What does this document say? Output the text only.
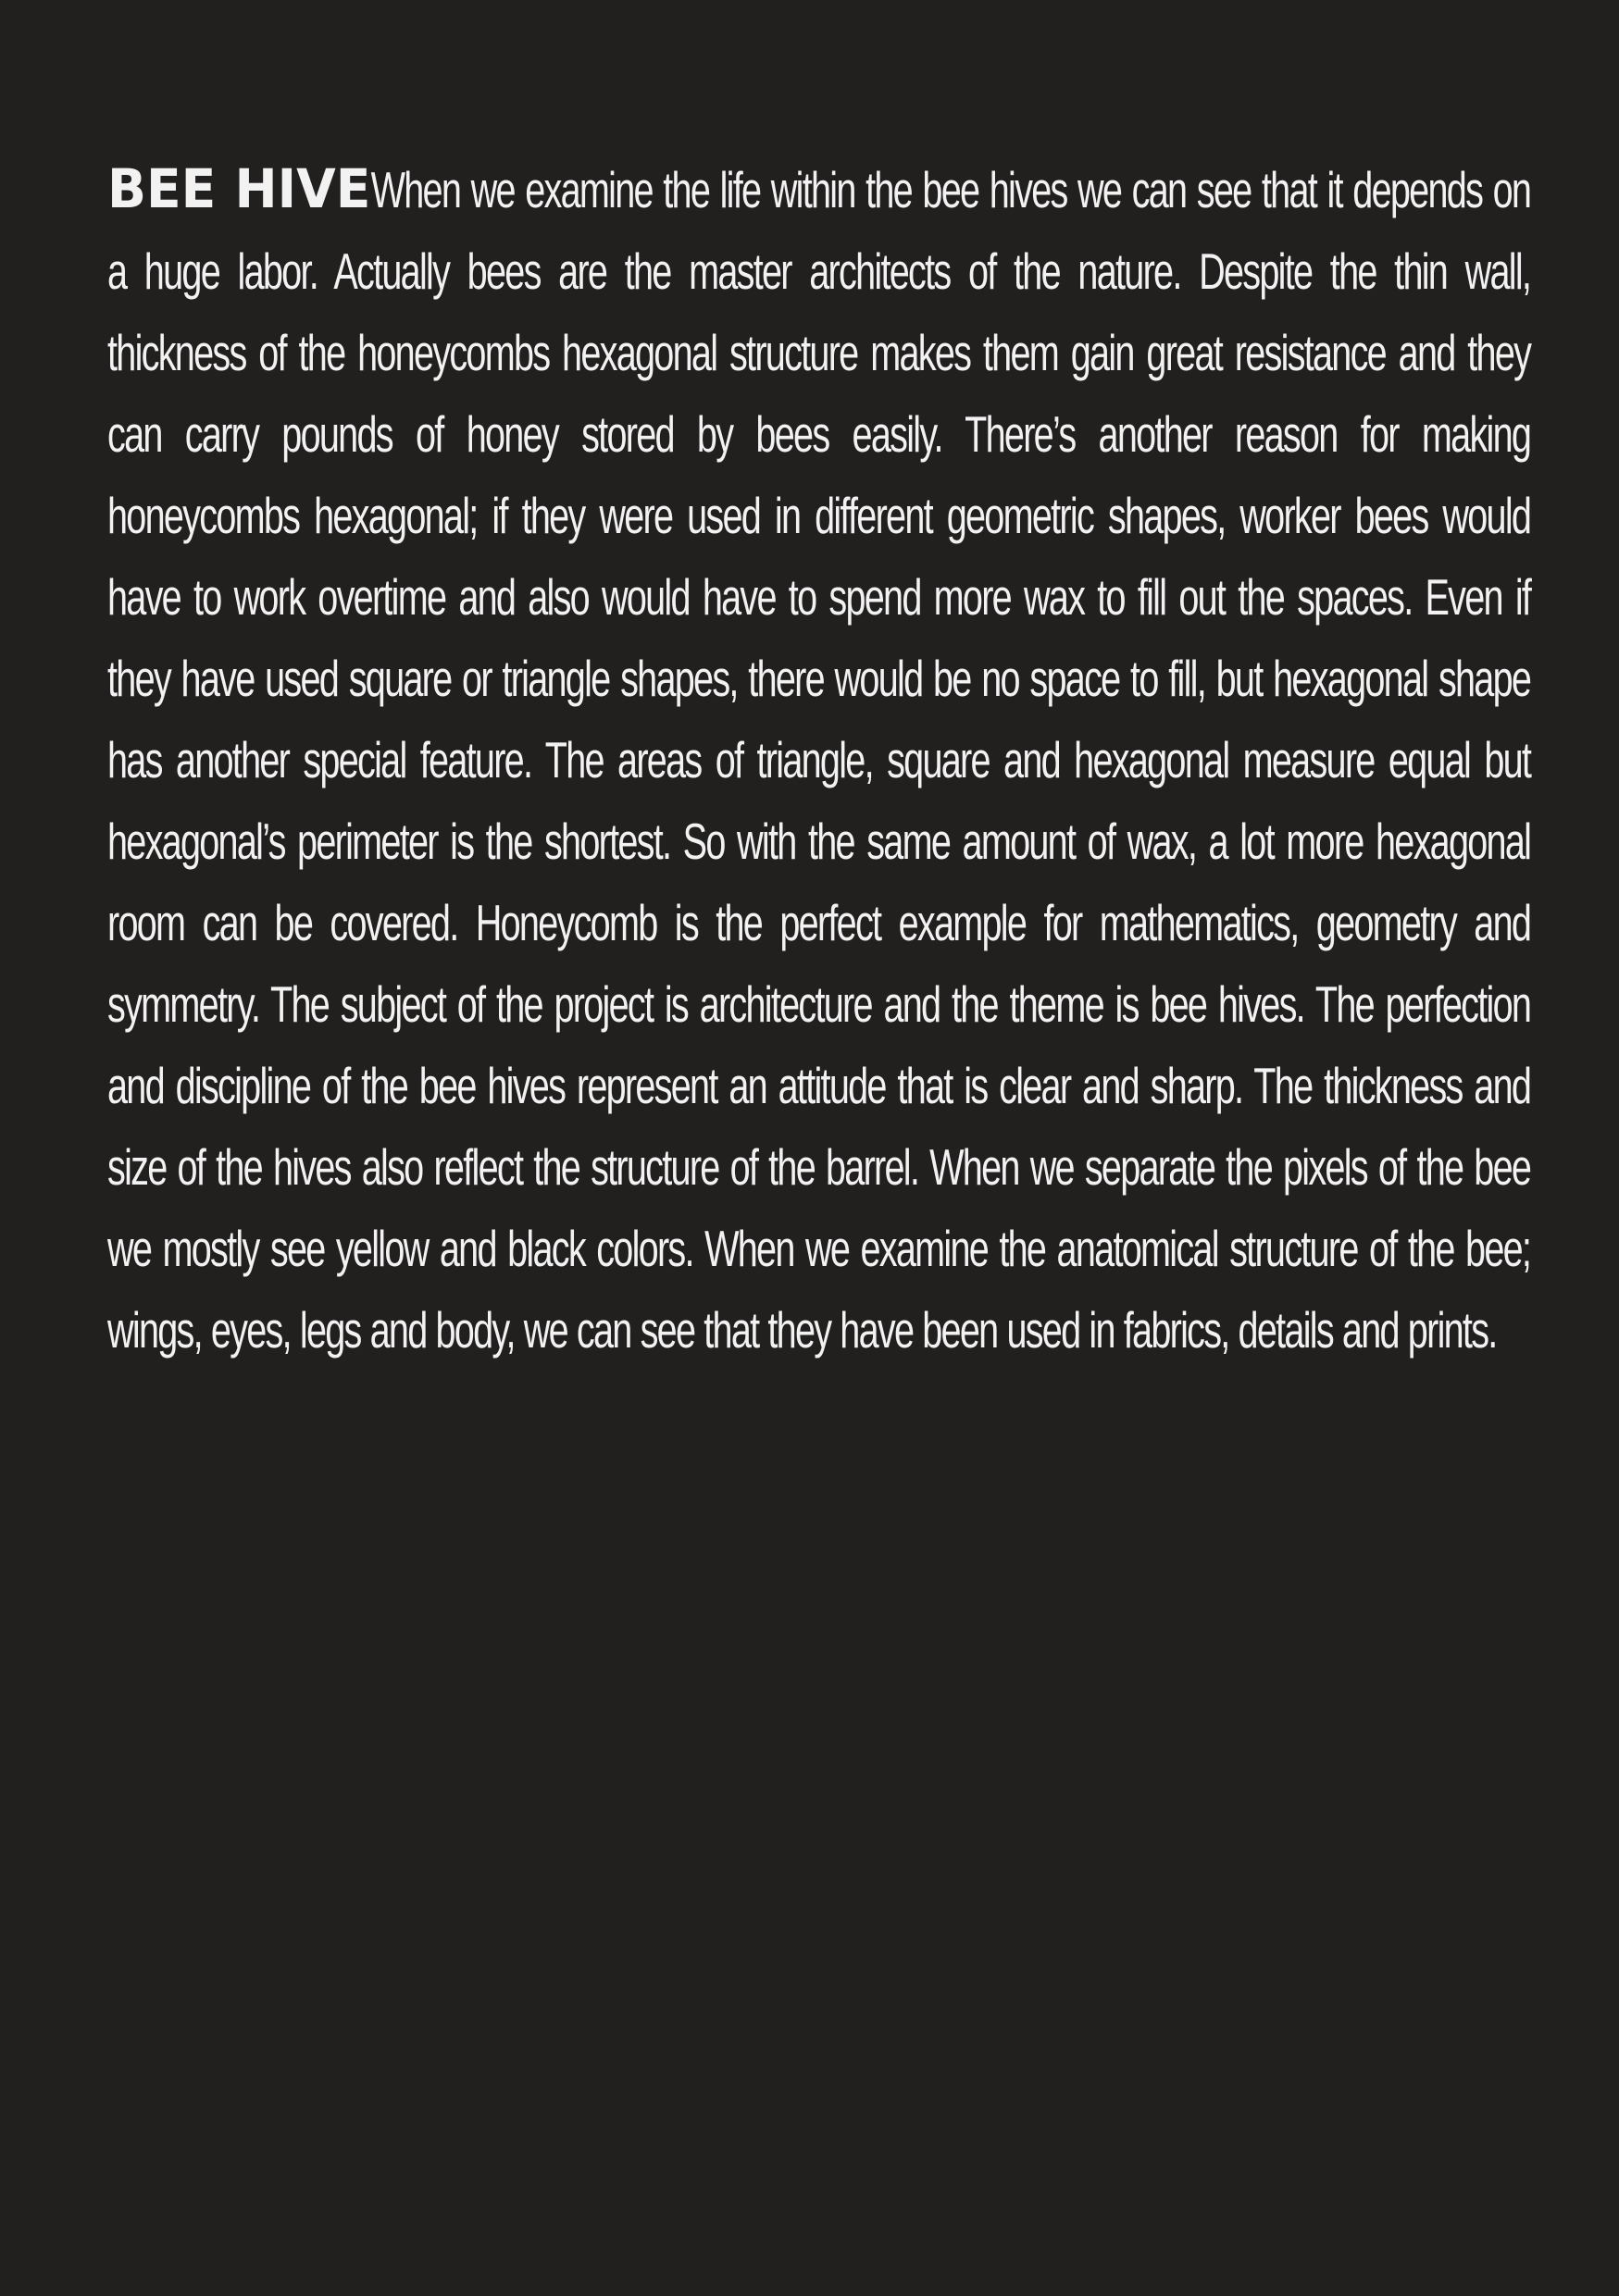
BEE HIVEWhen we examine the life within the bee hives we can see that it depends on a huge labor. Actually bees are the master architects of the nature. Despite the thin wall, thickness of the honeycombs hexagonal structure makes them gain great resistance and they can carry pounds of honey stored by bees easily. There’s another reason for making honeycombs hexagonal; if they were used in different geometric shapes, worker bees would have to work overtime and also would have to spend more wax to fill out the spaces. Even if they have used square or triangle shapes, there would be no space to fill, but hexagonal shape has another special feature. The areas of triangle, square and hexagonal measure equal but hexagonal’s perimeter is the shortest. So with the same amount of wax, a lot more hexagonal room can be covered. Honeycomb is the perfect example for mathematics, geometry and symmetry. The subject of the project is architecture and the theme is bee hives. The perfection and discipline of the bee hives represent an attitude that is clear and sharp. The thickness and size of the hives also reflect the structure of the barrel. When we separate the pixels of the bee we mostly see yellow and black colors. When we examine the anatomical structure of the bee; wings, eyes, legs and body, we can see that they have been used in fabrics, details and prints.
